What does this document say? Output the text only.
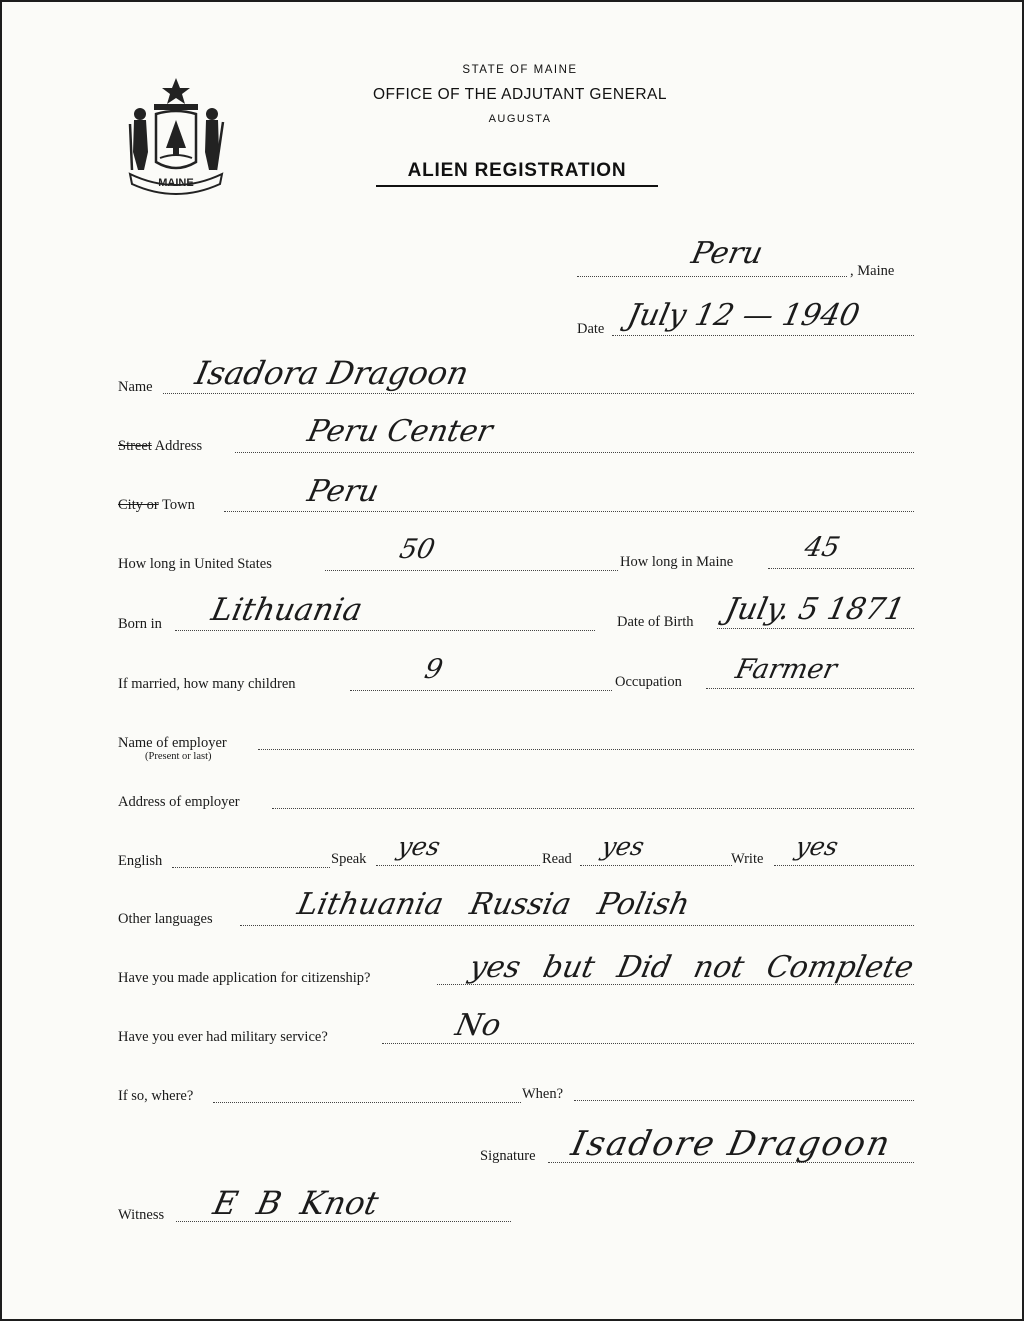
MAINE
STATE OF MAINE
OFFICE OF THE ADJUTANT GENERAL
AUGUSTA
ALIEN REGISTRATION
Peru	, Maine
Date July 12 — 1940
Name Isadora Dragoon
Street Address	Peru Center
City or Town	Peru
How long in United States	50	How long in Maine	45
Born in Lithuania	Date of Birth July. 5 1871
If married, how many children	9	Occupation Farmer
Name of employer
(Present or last)
Address of employer
English	Speak yes	Read yes	Write yes
Other languages	Lithuania Russia Polish
Have you made application for citizenship?	yes but Did not Complete
Have you ever had military service?	No
If so, where?	When?
Signature Isadore Dragoon
Witness E B Knot
